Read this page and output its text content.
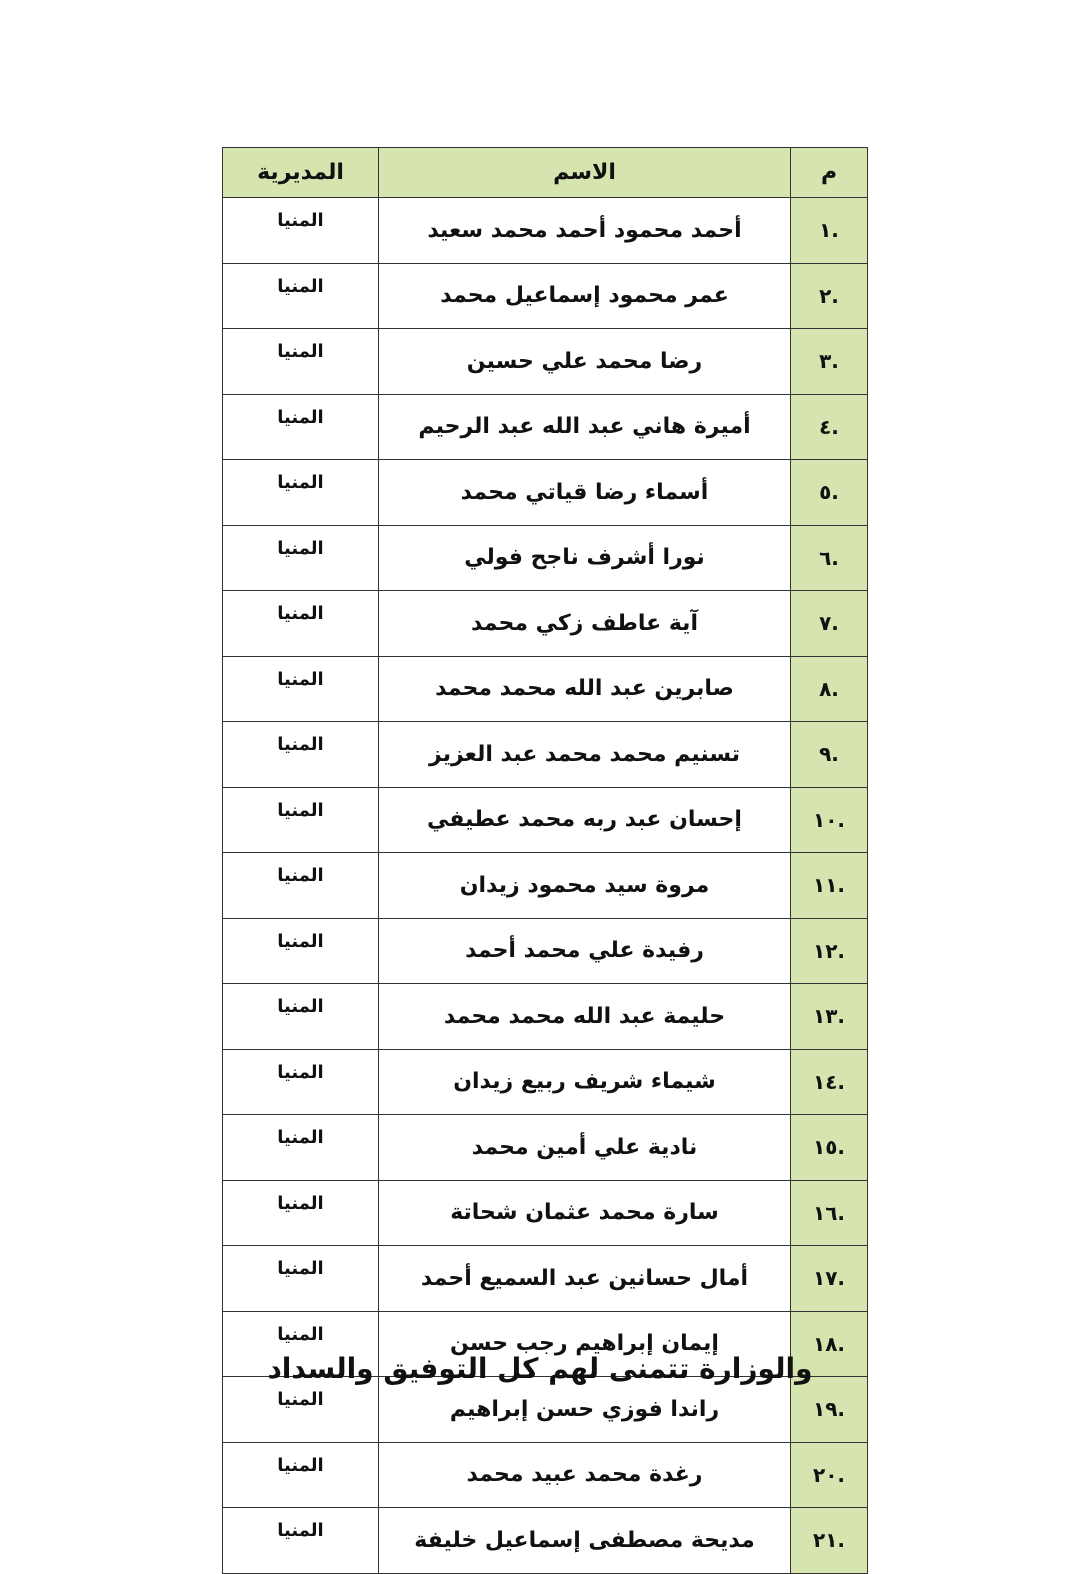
م	الاسم	المديرية
.١	أحمد محمود أحمد محمد سعيد	المنيا
.٢	عمر محمود إسماعيل محمد	المنيا
.٣	رضا محمد علي حسين	المنيا
.٤	أميرة هاني عبد الله عبد الرحيم	المنيا
.٥	أسماء رضا قياتي محمد	المنيا
.٦	نورا أشرف ناجح فولي	المنيا
.٧	آية عاطف زكي محمد	المنيا
.٨	صابرين عبد الله محمد محمد	المنيا
.٩	تسنيم محمد محمد عبد العزيز	المنيا
.١٠	إحسان عبد ربه محمد عطيفي	المنيا
.١١	مروة سيد محمود زيدان	المنيا
.١٢	رفيدة علي محمد أحمد	المنيا
.١٣	حليمة عبد الله محمد محمد	المنيا
.١٤	شيماء شريف ربيع زيدان	المنيا
.١٥	نادية علي أمين محمد	المنيا
.١٦	سارة محمد عثمان شحاتة	المنيا
.١٧	أمال حسانين عبد السميع أحمد	المنيا
.١٨	إيمان إبراهيم رجب حسن	المنيا
.١٩	راندا فوزي حسن إبراهيم	المنيا
.٢٠	رغدة محمد عبيد محمد	المنيا
.٢١	مديحة مصطفى إسماعيل خليفة	المنيا
والوزارة تتمنى لهم كل التوفيق والسداد
